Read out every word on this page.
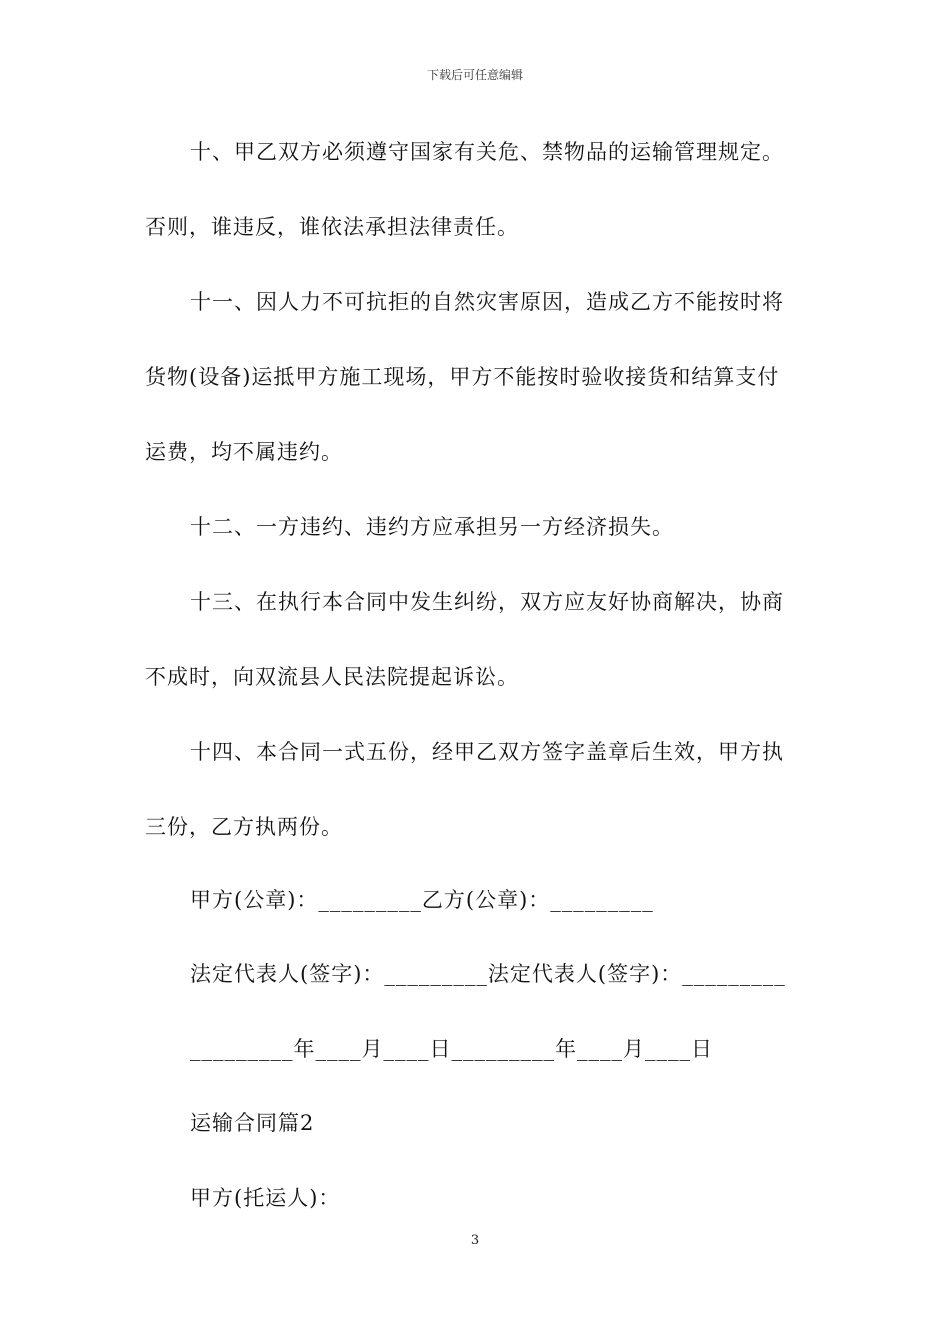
下载后可任意编辑
十、甲乙双方必须遵守国家有关危、禁物品的运输管理规定。
否则，谁违反，谁依法承担法律责任。
十一、因人力不可抗拒的自然灾害原因，造成乙方不能按时将
货物(设备)运抵甲方施工现场，甲方不能按时验收接货和结算支付
运费，均不属违约。
十二、一方违约、违约方应承担另一方经济损失。
十三、在执行本合同中发生纠纷，双方应友好协商解决，协商
不成时，向双流县人民法院提起诉讼。
十四、本合同一式五份，经甲乙双方签字盖章后生效，甲方执
三份，乙方执两份。
甲方(公章)：_________乙方(公章)：_________
法定代表人(签字)：_________法定代表人(签字)：_________
_________年____月____日_________年____月____日
运输合同篇2
甲方(托运人)：
3
